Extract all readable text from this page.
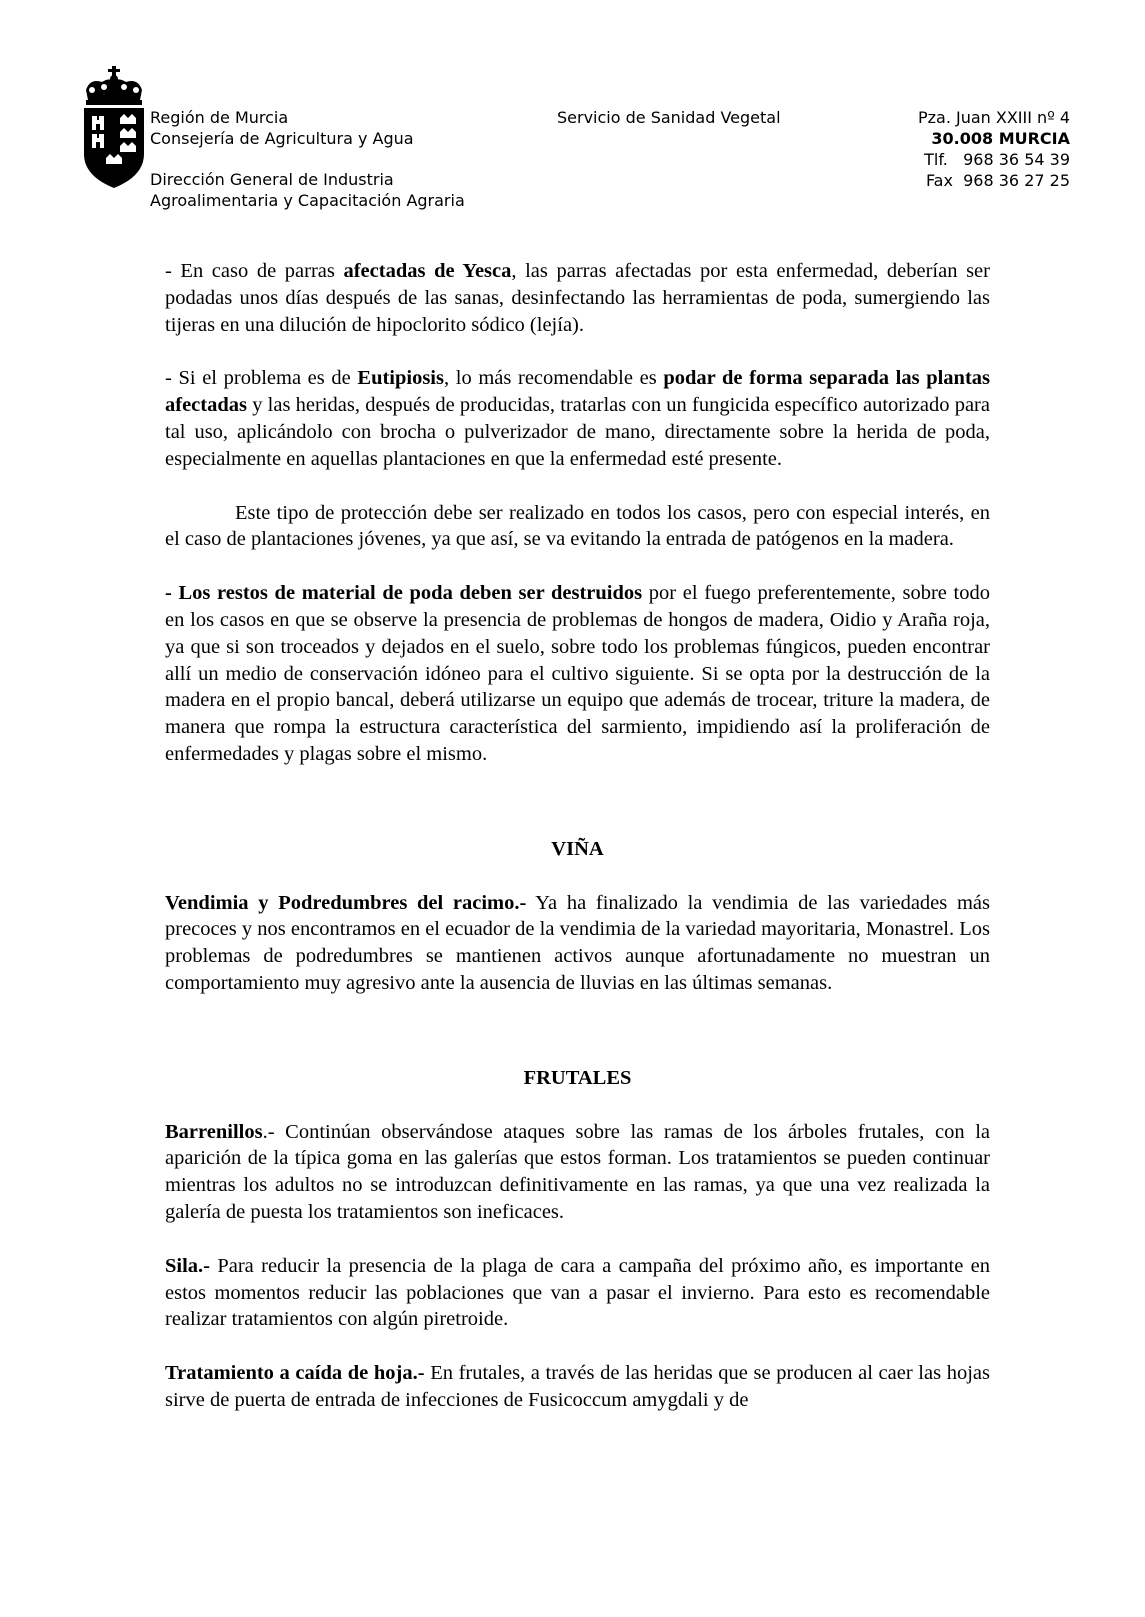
Región de Murcia
Consejería de Agricultura y Agua
Dirección General de Industria
Agroalimentaria y Capacitación Agraria
Servicio de Sanidad Vegetal	Pza. Juan XXIII nº 4
30.008 MURCIA
Tlf.   968 36 54 39
Fax  968 36 27 25

- En caso de parras afectadas de Yesca, las parras afectadas por esta enfermedad, deberían ser podadas unos días después de las sanas, desinfectando las herramientas de poda, sumergiendo las tijeras en una dilución de hipoclorito sódico (lejía).

- Si el problema es de Eutipiosis, lo más recomendable es podar de forma separada las plantas afectadas y las heridas, después de producidas, tratarlas con un fungicida específico autorizado para tal uso, aplicándolo con brocha o pulverizador de mano, directamente sobre la herida de poda, especialmente en aquellas plantaciones en que la enfermedad esté presente.

Este tipo de protección debe ser realizado en todos los casos, pero con especial interés, en el caso de plantaciones jóvenes, ya que así, se va evitando la entrada de patógenos en la madera.

- Los restos de material de poda deben ser destruidos por el fuego preferentemente, sobre todo en los casos en que se observe la presencia de problemas de hongos de madera, Oidio y Araña roja, ya que si son troceados y dejados en el suelo, sobre todo los problemas fúngicos, pueden encontrar allí un medio de conservación idóneo para el cultivo siguiente. Si se opta por la destrucción de la madera en el propio bancal, deberá utilizarse un equipo que además de trocear, triture la madera, de manera que rompa la estructura característica del sarmiento, impidiendo así la proliferación de enfermedades y plagas sobre el mismo.

VIÑA

Vendimia y Podredumbres del racimo.- Ya ha finalizado la vendimia de las variedades más precoces y nos encontramos en el ecuador de la vendimia de la variedad mayoritaria, Monastrel. Los problemas de podredumbres se mantienen activos aunque afortunadamente no muestran un comportamiento muy agresivo ante la ausencia de lluvias en las últimas semanas.

FRUTALES

Barrenillos.- Continúan observándose ataques sobre las ramas de los árboles frutales, con la aparición de la típica goma en las galerías que estos forman. Los tratamientos se pueden continuar mientras los adultos no se introduzcan definitivamente en las ramas, ya que una vez realizada la galería de puesta los tratamientos son ineficaces.

Sila.- Para reducir la presencia de la plaga de cara a campaña del próximo año, es importante en estos momentos reducir las poblaciones que van a pasar el invierno. Para esto es recomendable realizar tratamientos con algún piretroide.

Tratamiento a caída de hoja.- En frutales, a través de las heridas que se producen al caer las hojas sirve de puerta de entrada de infecciones de Fusicoccum amygdali y de
